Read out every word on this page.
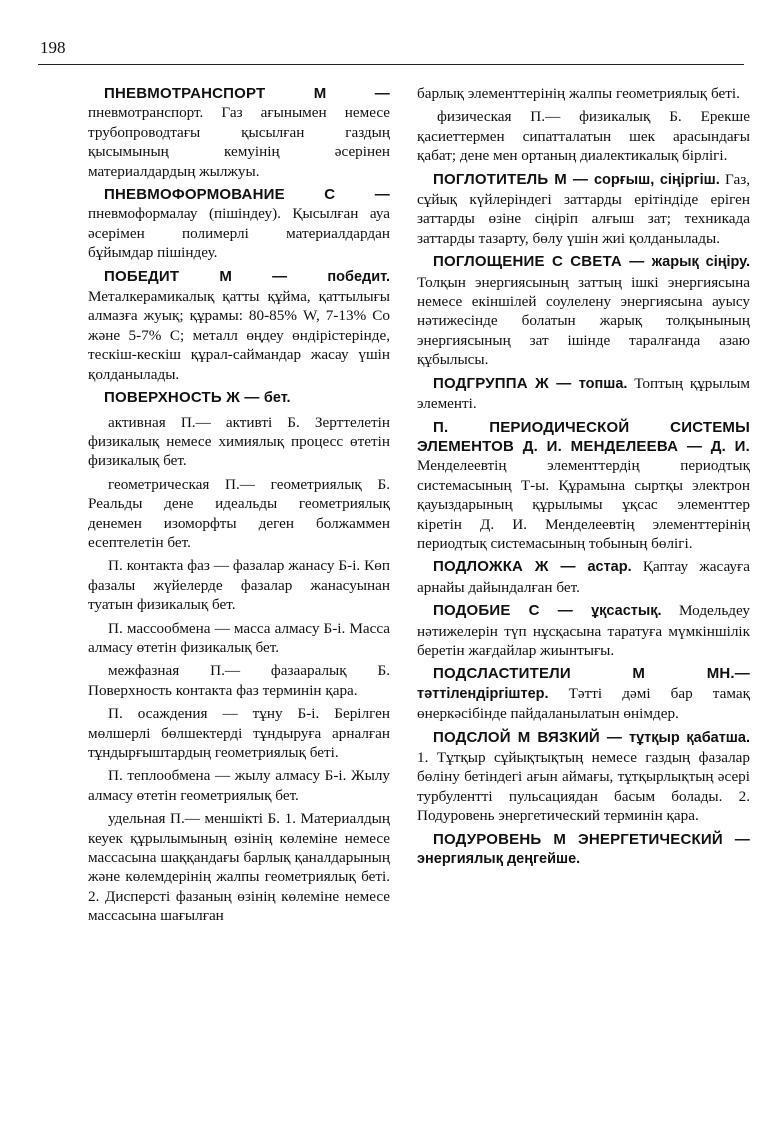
198

ПНЕВМОТРАНСПОРТ М — пневмотранспорт. Газ ағынымен немесе трубопроводтағы қысылған газдың қысымының кемуінің әсерінен материалдардың жылжуы.

ПНЕВМОФОРМОВАНИЕ С — пневмоформалау (пішіндеу). Қысылған ауа әсерімен полимерлі материалдардан бұйымдар пішіндеу.

ПОБЕДИТ М — победит. Металкерамикалық қатты құйма, қаттылығы алмазға жуық; құрамы: 80-85% W, 7-13% Co және 5-7% C; металл өңдеу өндірістерінде, тескіш-кескіш құрал-саймандар жасау үшін қолданылады.

ПОВЕРХНОСТЬ Ж — бет.

активная П.— активті Б. Зерттелетін физикалық немесе химиялық процесс өтетін физикалық бет.

геометрическая П.— геометриялық Б. Реальды дене идеальды геометриялық денемен изоморфты деген болжаммен есептелетін бет.

П. контакта фаз — фазалар жанасу Б-і. Көп фазалы жүйелерде фазалар жанасуынан туатын физикалық бет.

П. массообмена — масса алмасу Б-і. Масса алмасу өтетін физикалық бет.

межфазная П.— фазааралық Б. Поверхность контакта фаз терминін қара.

П. осаждения — тұну Б-і. Берілген мөлшерлі бөлшектерді тұндыруға арналған тұндырғыштардың геометриялық беті.

П. теплообмена — жылу алмасу Б-і. Жылу алмасу өтетін геометриялық бет.

удельная П.— меншікті Б. 1. Материалдың кеуек құрылымының өзінің көлеміне немесе массасына шаққандағы барлық қаналдарының және көлемдерінің жалпы геометриялық беті. 2. Дисперсті фазаның өзінің көлеміне немесе массасына шағылған

барлық элементтерінің жалпы геометриялық беті.

физическая П.— физикалық Б. Ерекше қасиеттермен сипатталатын шек арасындағы қабат; дене мен ортаның диалектикалық бірлігі.

ПОГЛОТИТЕЛЬ М — сорғыш, сіңіргіш. Газ, сұйық күйлеріндегі заттарды ерітіндіде еріген заттарды өзіне сіңіріп алғыш зат; техникада заттарды тазарту, бөлу үшін жиі қолданылады.

ПОГЛОЩЕНИЕ С СВЕТА — жарық сіңіру. Толқын энергиясының заттың ішкі энергиясына немесе екіншілей соулелену энергиясына ауысу нәтижесінде болатын жарық толқынының энергиясының зат ішінде таралғанда азаю құбылысы.

ПОДГРУППА Ж — топша. Топтың құрылым элементі.

П. ПЕРИОДИЧЕСКОЙ СИСТЕМЫ ЭЛЕМЕНТОВ Д. И. МЕНДЕЛЕЕВА — Д. И. Менделеевтің элементтердің периодтық системасының Т-ы. Құрамына сыртқы электрон қауыздарының құрылымы ұқсас элементтер кіретін Д. И. Менделеевтің элементтерінің периодтық системасының тобының бөлігі.

ПОДЛОЖКА Ж — астар. Қаптау жасауға арнайы дайындалған бет.

ПОДОБИЕ С — ұқсастық. Модельдеу нәтижелерін түп нұсқасына таратуға мүмкіншілік беретін жағдайлар жиынтығы.

ПОДСЛАСТИТЕЛИ М МН.— тәттілендіргіштер. Тәтті дәмі бар тамақ өнеркәсібінде пайдаланылатын өнімдер.

ПОДСЛОЙ М ВЯЗКИЙ — тұтқыр қабатша. 1. Тұтқыр сұйықтықтың немесе газдың фазалар бөліну бетіндегі ағын аймағы, тұтқырлықтың әсері турбулентті пульсациядан басым болады. 2. Подуровень энергетический терминін қара.

ПОДУРОВЕНЬ М ЭНЕРГЕТИЧЕСКИЙ — энергиялық деңгейше.
